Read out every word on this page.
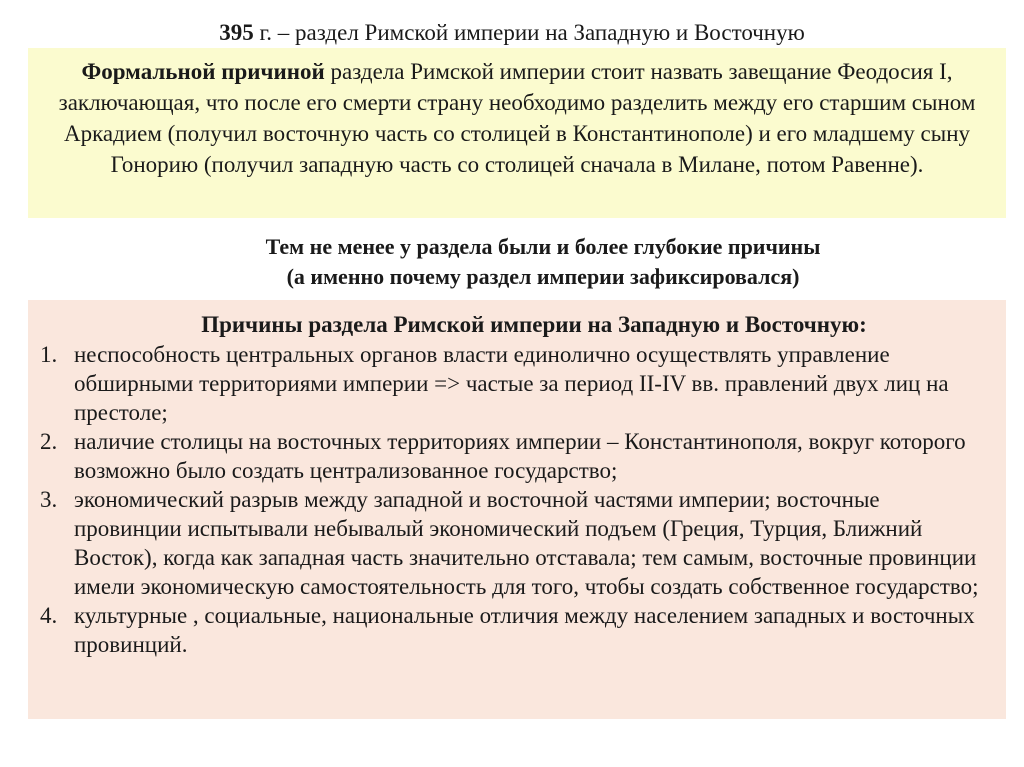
395 г. – раздел Римской империи на Западную и Восточную
Формальной причиной раздела Римской империи стоит назвать завещание Феодосия I, заключающая, что после его смерти страну необходимо разделить между его старшим сыном Аркадием (получил восточную часть со столицей в Константинополе) и его младшему сыну Гонорию (получил западную часть со столицей сначала в Милане, потом Равенне).
Тем не менее у раздела были и более глубокие причины
(а именно почему раздел империи зафиксировался)
Причины раздела Римской империи на Западную и Восточную:
1. неспособность центральных органов власти единолично осуществлять управление обширными территориями империи => частые за период II-IV вв. правлений двух лиц на престоле;
2. наличие столицы на восточных территориях империи – Константинополя, вокруг которого возможно было создать централизованное государство;
3. экономический разрыв между западной и восточной частями империи; восточные провинции испытывали небывалый экономический подъем (Греция, Турция, Ближний Восток), когда как западная часть значительно отставала; тем самым, восточные провинции имели экономическую самостоятельность для того, чтобы создать собственное государство;
4. культурные , социальные, национальные отличия между населением западных и восточных провинций.
